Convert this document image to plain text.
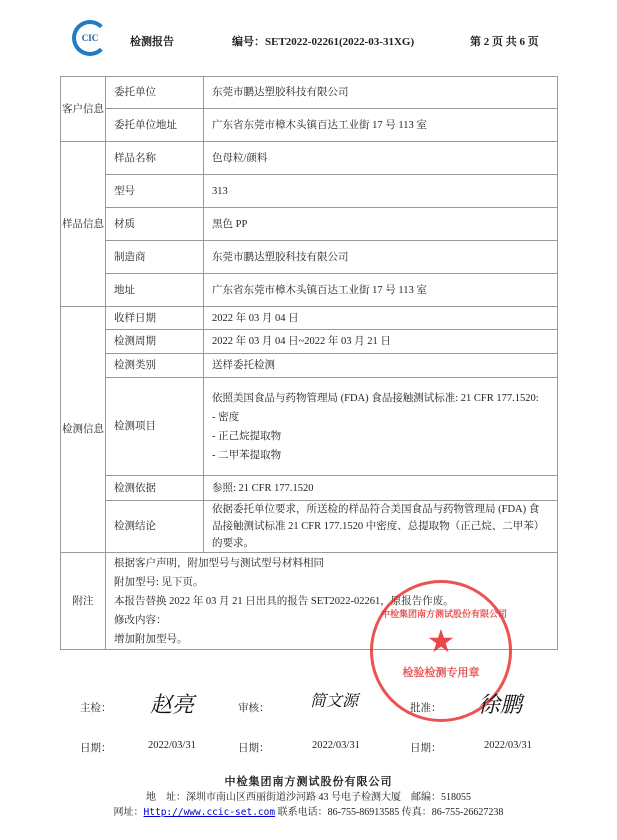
CIC	检测报告	编号：SET2022-02261(2022-03-31XG)	第 2 页 共 6 页
客户信息	委托单位	东莞市鹏达塑胶科技有限公司
	委托单位地址	广东省东莞市樟木头镇百达工业街 17 号 113 室
样品信息	样品名称	色母粒/颜料
	型号	313
	材质	黑色 PP
	制造商	东莞市鹏达塑胶科技有限公司
	地址	广东省东莞市樟木头镇百达工业街 17 号 113 室
检测信息	收样日期	2022 年 03 月 04 日
	检测周期	2022 年 03 月 04 日~2022 年 03 月 21 日
	检测类别	送样委托检测
	检测项目	依照美国食品与药物管理局 (FDA) 食品接触测试标准: 21 CFR 177.1520:
- 密度
- 正己烷提取物
- 二甲苯提取物

	检测依据	参照: 21 CFR 177.1520
	检测结论	依据委托单位要求，所送检的样品符合美国食品与药物管理局 (FDA) 食品接触测试标准 21 CFR 177.1520 中密度、总提取物（正己烷、二甲苯）的要求。
附注	根据客户声明，附加型号与测试型号材料相同
附加型号: 见下页。
本报告替换 2022 年 03 月 21 日出具的报告 SET2022-02261，原报告作废。
修改内容：
增加附加型号。	
中检集团南方测试股份有限公司
★
检验检测专用章
主检： 赵亮	审核：	简文源	批准： 徐鹏
日期：	2022/03/31	日期：	2022/03/31	日期：	2022/03/31
中检集团南方测试股份有限公司
地　址：深圳市南山区西丽街道沙河路 43 号电子检测大厦　邮编：518055
网址：Http://www.ccic-set.com 联系电话：86-755-86913585 传真：86-755-26627238
